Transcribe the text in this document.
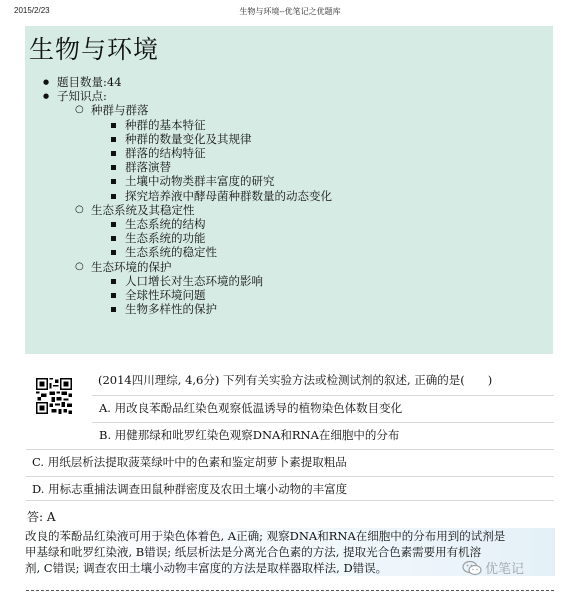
2015/2/23	生物与环境--优笔记之优题库
生物与环境
● 题目数量:44
● 子知识点:
○ 种群与群落
种群的基本特征
种群的数量变化及其规律
群落的结构特征
群落演替
土壤中动物类群丰富度的研究
探究培养液中酵母菌种群数量的动态变化
○ 生态系统及其稳定性
生态系统的结构
生态系统的功能
生态系统的稳定性
○ 生态环境的保护
人口增长对生态环境的影响
全球性环境问题
生物多样性的保护
(2014四川理综, 4,6分) 下列有关实验方法或检测试剂的叙述, 正确的是(　　)
A. 用改良苯酚品红染色观察低温诱导的植物染色体数目变化
B. 用健那绿和吡罗红染色观察DNA和RNA在细胞中的分布
C. 用纸层析法提取菠菜绿叶中的色素和鉴定胡萝卜素提取粗品
D. 用标志重捕法调查田鼠种群密度及农田土壤小动物的丰富度
答: A
改良的苯酚品红染液可用于染色体着色, A正确; 观察DNA和RNA在细胞中的分布用到的试剂是
甲基绿和吡罗红染液, B错误; 纸层析法是分离光合色素的方法, 提取光合色素需要用有机溶
剂, C错误; 调查农田土壤小动物丰富度的方法是取样器取样法, D错误。	优笔记
